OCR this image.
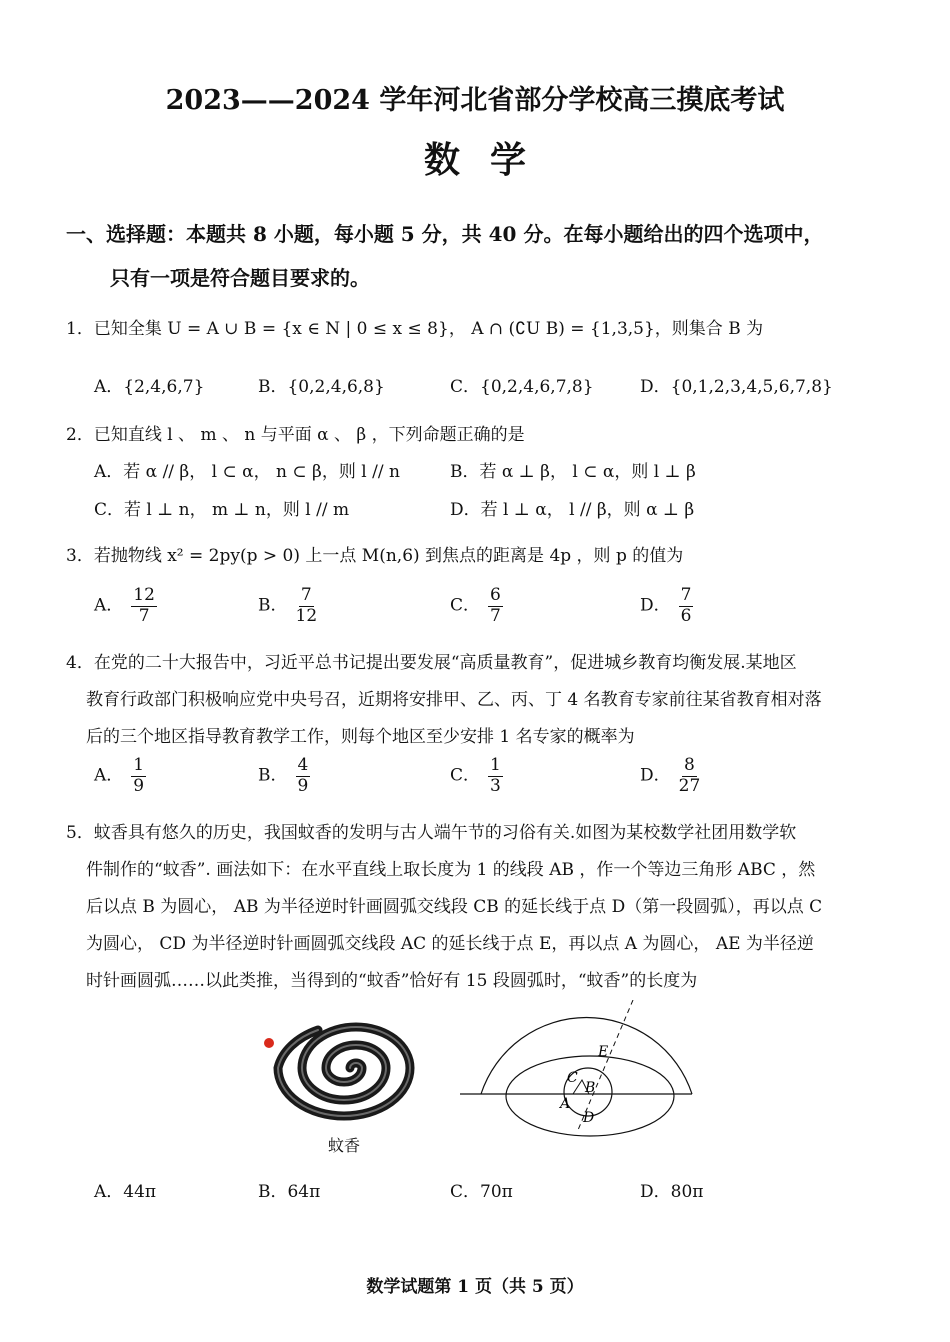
2023——2024 学年河北省部分学校高三摸底考试
数学
一、选择题：本题共 8 小题，每小题 5 分，共 40 分。在每小题给出的四个选项中，
只有一项是符合题目要求的。
1．已知全集 U = A ∪ B = {x ∈ N | 0 ≤ x ≤ 8}， A ∩ (∁U B) = {1,3,5}，则集合 B 为
A．{2,4,6,7}	B．{0,2,4,6,8}	C．{0,2,4,6,7,8}	D．{0,1,2,3,4,5,6,7,8}
2．已知直线 l 、 m 、 n 与平面 α 、 β ，下列命题正确的是
A．若 α // β， l ⊂ α， n ⊂ β，则 l // n	B．若 α ⊥ β， l ⊂ α，则 l ⊥ β
C．若 l ⊥ n， m ⊥ n，则 l // m	D．若 l ⊥ α， l // β，则 α ⊥ β
3．若抛物线 x² = 2py(p > 0) 上一点 M(n,6) 到焦点的距离是 4p ，则 p 的值为
A． $\frac{12}{7}$	B． $\frac{7}{12}$	C． $\frac{6}{7}$	D． $\frac{7}{6}$
4．在党的二十大报告中，习近平总书记提出要发展“高质量教育”，促进城乡教育均衡发展.某地区
教育行政部门积极响应党中央号召，近期将安排甲、乙、丙、丁 4 名教育专家前往某省教育相对落
后的三个地区指导教育教学工作，则每个地区至少安排 1 名专家的概率为
A． $\frac{1}{9}$	B． $\frac{4}{9}$	C． $\frac{1}{3}$	D． $\frac{8}{27}$
5．蚊香具有悠久的历史，我国蚊香的发明与古人端午节的习俗有关.如图为某校数学社团用数学软
件制作的“蚊香”. 画法如下：在水平直线上取长度为 1 的线段 AB ，作一个等边三角形 ABC ，然
后以点 B 为圆心， AB 为半径逆时针画圆弧交线段 CB 的延长线于点 D（第一段圆弧），再以点 C
为圆心， CD 为半径逆时针画圆弧交线段 AC 的延长线于点 E，再以点 A 为圆心， AE 为半径逆
时针画圆弧……以此类推，当得到的“蚊香”恰好有 15 段圆弧时，“蚊香”的长度为
蚊香
E
C
B
A
D
A．44π	B．64π	C．70π	D．80π
数学试题第 1 页（共 5 页）
